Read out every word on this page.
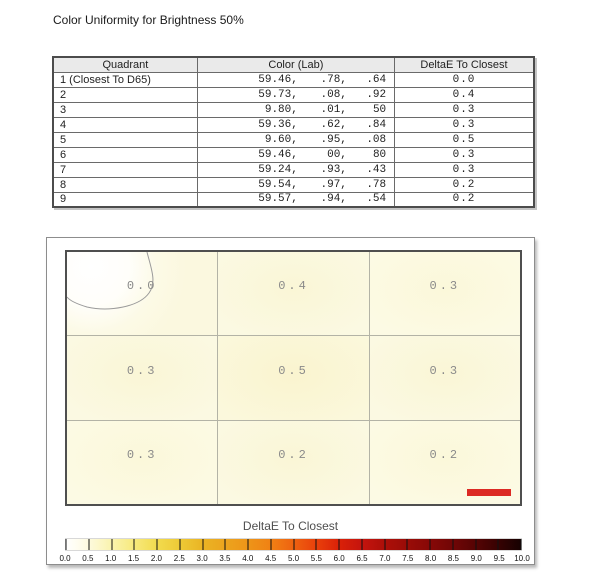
Color Uniformity for Brightness 50%
Quadrant	Color (Lab)	DeltaE To Closest
1 (Closest To D65)	59.46, .78, .64	0.0
2	59.73, .08, .92	0.4
3	9.80, .01, 50	0.3
4	59.36, .62, .84	0.3
5	9.60, .95, .08	0.5
6	59.46, 00, 80	0.3
7	59.24, .93, .43	0.3
8	59.54, .97, .78	0.2
9	59.57, .94, .54	0.2
0.0	0.4	0.3
0.3	0.5	0.3
0.3	0.2	0.2
DeltaE To Closest
0.0 0.5 1.0 1.5 2.0 2.5 3.0 3.5 4.0 4.5 5.0 5.5 6.0 6.5 7.0 7.5 8.0 8.5 9.0 9.5 10.0
